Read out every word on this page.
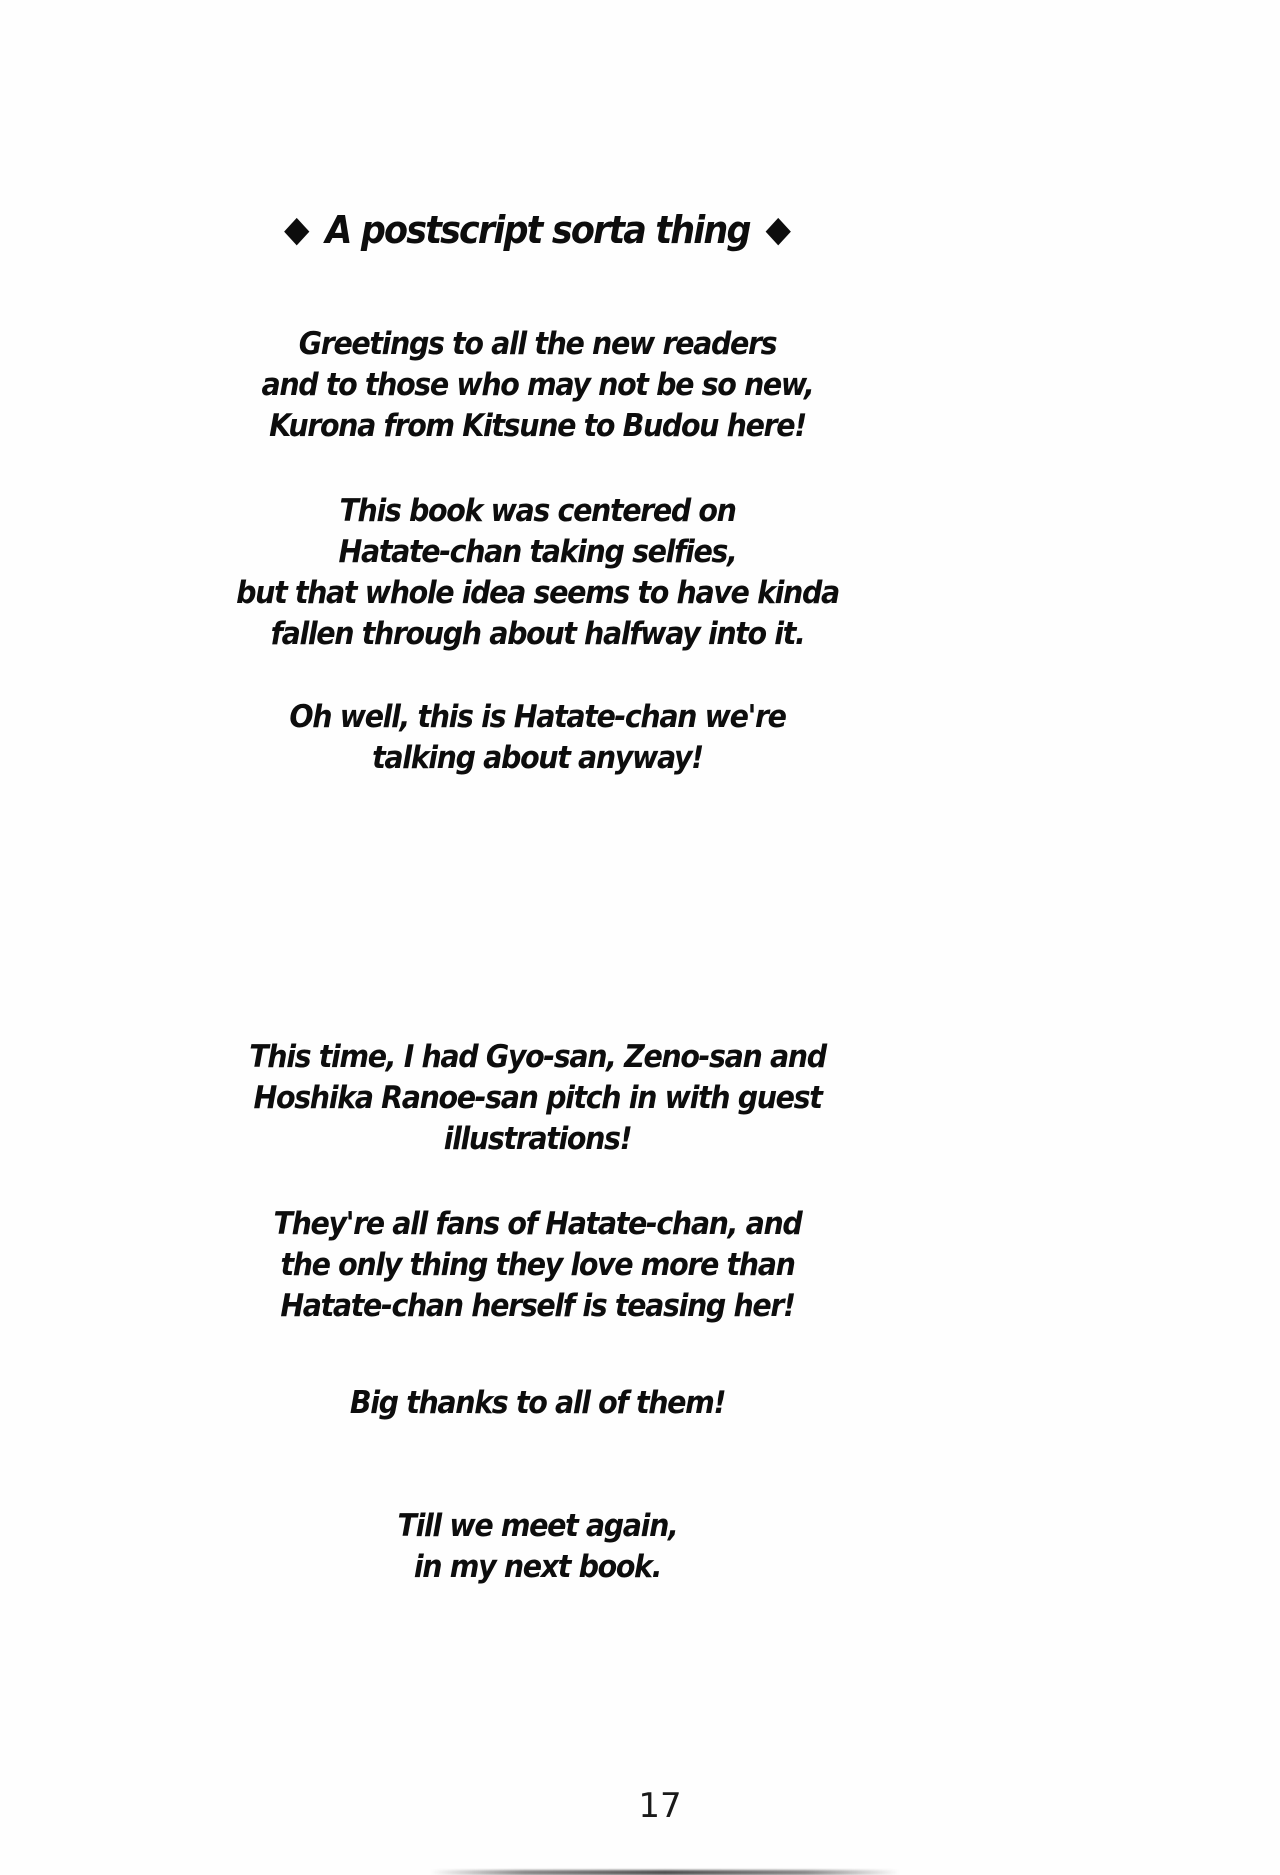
◆ A postscript sorta thing ◆
Greetings to all the new readers
and to those who may not be so new,
Kurona from Kitsune to Budou here!
This book was centered on
Hatate-chan taking selfies,
but that whole idea seems to have kinda
fallen through about halfway into it.
Oh well, this is Hatate-chan we're
talking about anyway!
This time, I had Gyo-san, Zeno-san and
Hoshika Ranoe-san pitch in with guest
illustrations!
They're all fans of Hatate-chan, and
the only thing they love more than
Hatate-chan herself is teasing her!
Big thanks to all of them!
Till we meet again,
in my next book.
17
